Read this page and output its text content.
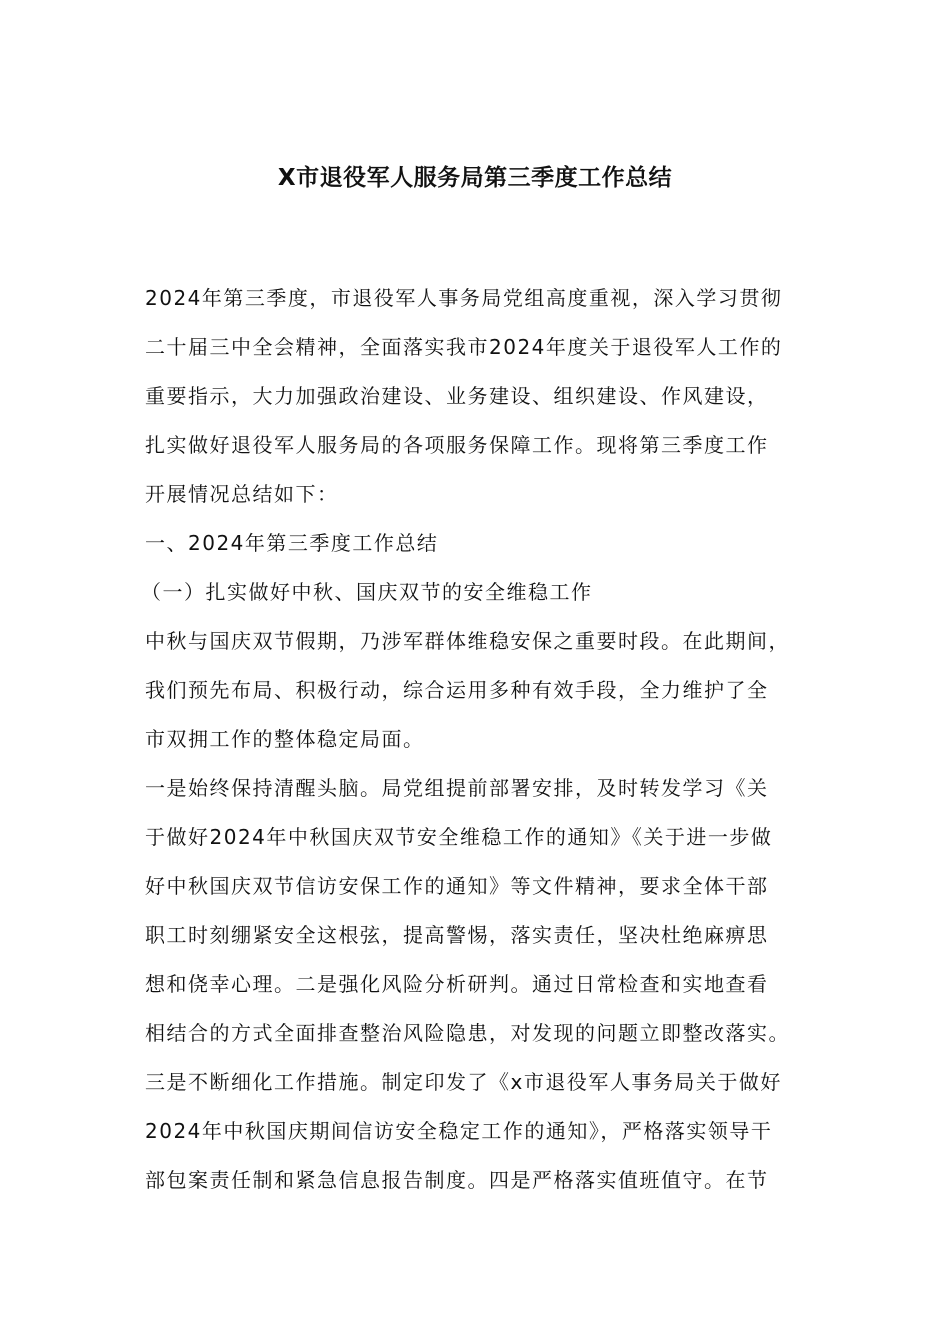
X市退役军人服务局第三季度工作总结
2024年第三季度，市退役军人事务局党组高度重视，深入学习贯彻
二十届三中全会精神，全面落实我市2024年度关于退役军人工作的
重要指示，大力加强政治建设、业务建设、组织建设、作风建设，
扎实做好退役军人服务局的各项服务保障工作。现将第三季度工作
开展情况总结如下：
一、2024年第三季度工作总结
（一）扎实做好中秋、国庆双节的安全维稳工作
中秋与国庆双节假期，乃涉军群体维稳安保之重要时段。在此期间，
我们预先布局、积极行动，综合运用多种有效手段，全力维护了全
市双拥工作的整体稳定局面。
一是始终保持清醒头脑。局党组提前部署安排，及时转发学习《关
于做好2024年中秋国庆双节安全维稳工作的通知》《关于进一步做
好中秋国庆双节信访安保工作的通知》等文件精神，要求全体干部
职工时刻绷紧安全这根弦，提高警惕，落实责任，坚决杜绝麻痹思
想和侥幸心理。二是强化风险分析研判。通过日常检查和实地查看
相结合的方式全面排查整治风险隐患，对发现的问题立即整改落实。
三是不断细化工作措施。制定印发了《x市退役军人事务局关于做好
2024年中秋国庆期间信访安全稳定工作的通知》，严格落实领导干
部包案责任制和紧急信息报告制度。四是严格落实值班值守。在节
